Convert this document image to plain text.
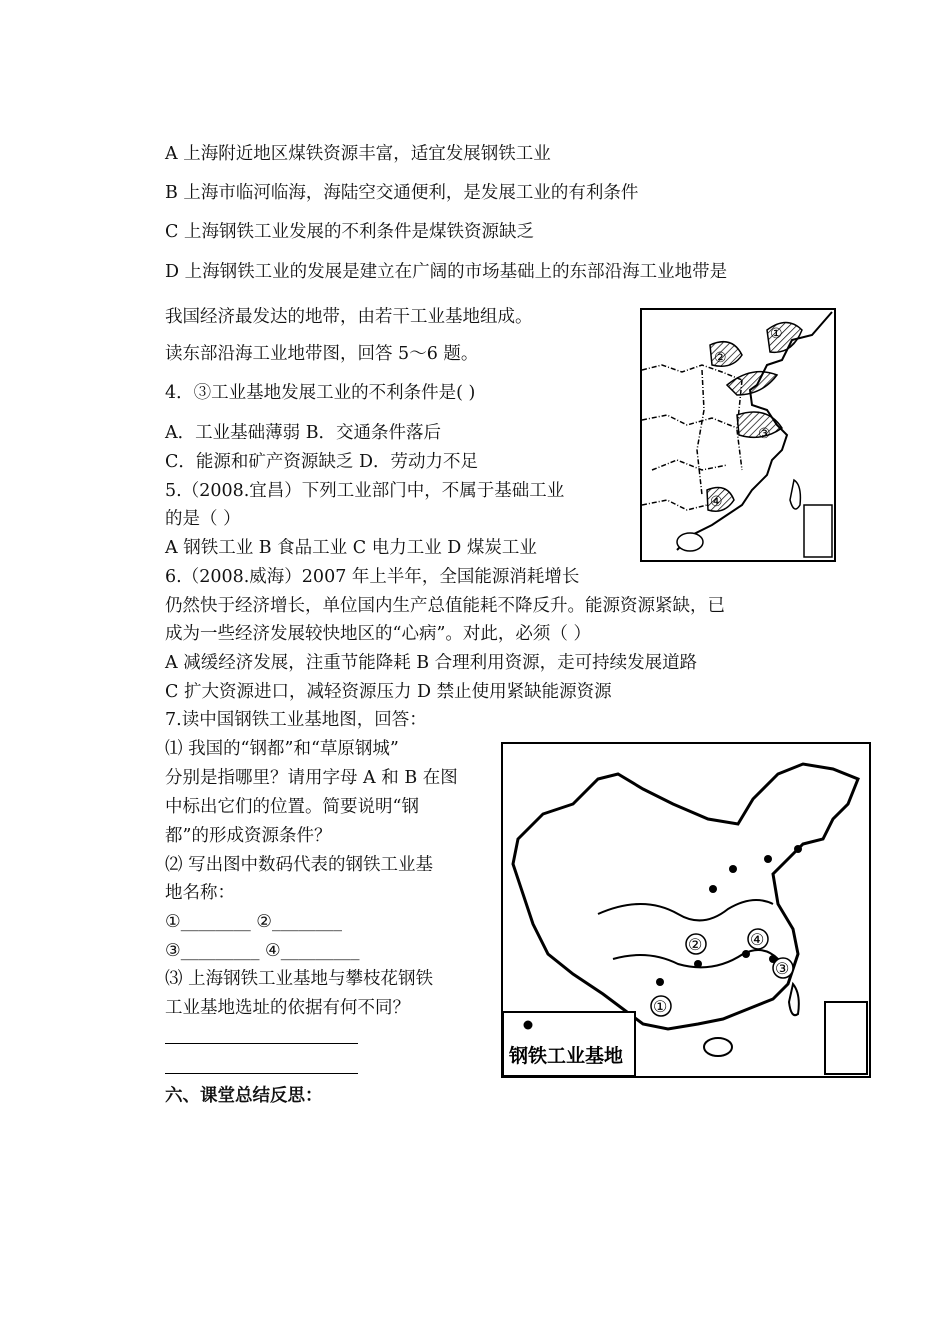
A 上海附近地区煤铁资源丰富，适宜发展钢铁工业
B 上海市临河临海，海陆空交通便利，是发展工业的有利条件
C 上海钢铁工业发展的不利条件是煤铁资源缺乏
D 上海钢铁工业的发展是建立在广阔的市场基础上的东部沿海工业地带是
我国经济最发达的地带，由若干工业基地组成。
读东部沿海工业地带图，回答 5～6 题。
4．③工业基地发展工业的不利条件是( )
A．工业基础薄弱 B．交通条件落后
C．能源和矿产资源缺乏 D．劳动力不足
5.（2008.宜昌）下列工业部门中，不属于基础工业
的是（ ）
A 钢铁工业 B 食品工业 C 电力工业 D 煤炭工业
6.（2008.威海）2007 年上半年，全国能源消耗增长
仍然快于经济增长，单位国内生产总值能耗不降反升。能源资源紧缺，已
成为一些经济发展较快地区的“心病”。对此，必须（ ）
A 减缓经济发展，注重节能降耗 B 合理利用资源，走可持续发展道路
C 扩大资源进口，减轻资源压力 D 禁止使用紧缺能源资源
7.读中国钢铁工业基地图，回答：
⑴ 我国的“钢都”和“草原钢城”
分别是指哪里？请用字母 A 和 B 在图
中标出它们的位置。简要说明“钢
都”的形成资源条件？
⑵ 写出图中数码代表的钢铁工业基
地名称：
①________ ②________
③_________ ④_________
⑶ 上海钢铁工业基地与攀枝花钢铁
工业基地选址的依据有何不同？
六、课堂总结反思：
①
②
③
④
①
②
③
④
钢铁工业基地
